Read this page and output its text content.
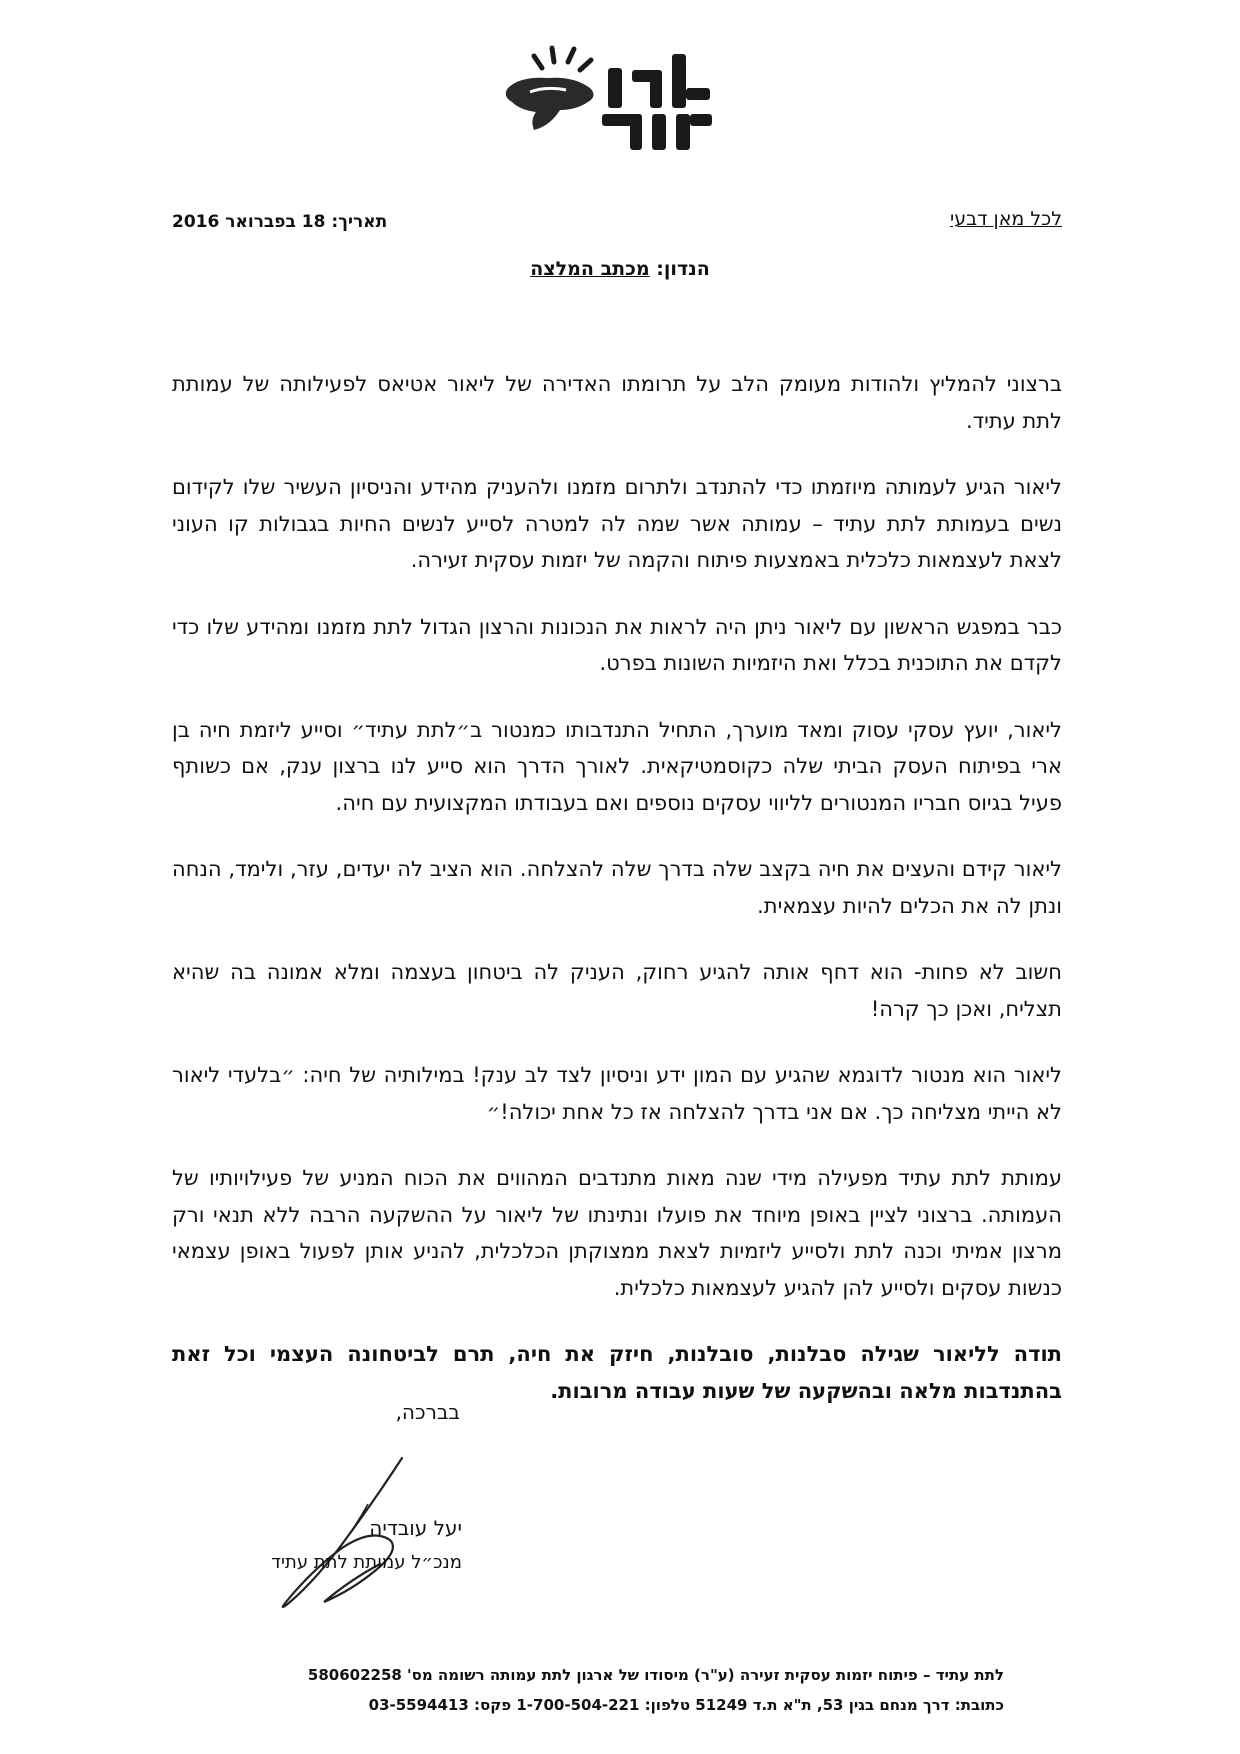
לכל מאן דבעי
תאריך: 18 בפברואר 2016
הנדון: מכתב המלצה

ברצוני להמליץ ולהודות מעומק הלב על תרומתו האדירה של ליאור אטיאס לפעילותה של עמותת לתת עתיד.

ליאור הגיע לעמותה מיוזמתו כדי להתנדב ולתרום מזמנו ולהעניק מהידע והניסיון העשיר שלו לקידום נשים בעמותת לתת עתיד – עמותה אשר שמה לה למטרה לסייע לנשים החיות בגבולות קו העוני לצאת לעצמאות כלכלית באמצעות פיתוח והקמה של יזמות עסקית זעירה.

כבר במפגש הראשון עם ליאור ניתן היה לראות את הנכונות והרצון הגדול לתת מזמנו ומהידע שלו כדי לקדם את התוכנית בכלל ואת היזמיות השונות בפרט.

ליאור, יועץ עסקי עסוק ומאד מוערך, התחיל התנדבותו כמנטור ב״לתת עתיד״ וסייע ליזמת חיה בן ארי בפיתוח העסק הביתי שלה כקוסמטיקאית. לאורך הדרך הוא סייע לנו ברצון ענק, אם כשותף פעיל בגיוס חבריו המנטורים לליווי עסקים נוספים ואם בעבודתו המקצועית עם חיה.

ליאור קידם והעצים את חיה בקצב שלה בדרך שלה להצלחה. הוא הציב לה יעדים, עזר, ולימד, הנחה ונתן לה את הכלים להיות עצמאית.

חשוב לא פחות- הוא דחף אותה להגיע רחוק, העניק לה ביטחון בעצמה ומלא אמונה בה שהיא תצליח, ואכן כך קרה!

ליאור הוא מנטור לדוגמא שהגיע עם המון ידע וניסיון לצד לב ענק! במילותיה של חיה: ״בלעדי ליאור לא הייתי מצליחה כך. אם אני בדרך להצלחה אז כל אחת יכולה!״

עמותת לתת עתיד מפעילה מידי שנה מאות מתנדבים המהווים את הכוח המניע של פעילויותיו של העמותה. ברצוני לציין באופן מיוחד את פועלו ונתינתו של ליאור על ההשקעה הרבה ללא תנאי ורק מרצון אמיתי וכנה לתת ולסייע ליזמיות לצאת ממצוקתן הכלכלית, להניע אותן לפעול באופן עצמאי כנשות עסקים ולסייע להן להגיע לעצמאות כלכלית.

תודה לליאור שגילה סבלנות, סובלנות, חיזק את חיה, תרם לביטחונה העצמי וכל זאת בהתנדבות מלאה ובהשקעה של שעות עבודה מרובות.

בברכה,
יעל עובדיה
מנכ״ל עמותת לתת עתיד
לתת עתיד – פיתוח יזמות עסקית זעירה (ע"ר) מיסודו של ארגון לתת עמותה רשומה מס' 580602258
כתובת: דרך מנחם בגין 53, ת"א ת.ד 51249 טלפון: 1-700-504-221 פקס: 03-5594413
